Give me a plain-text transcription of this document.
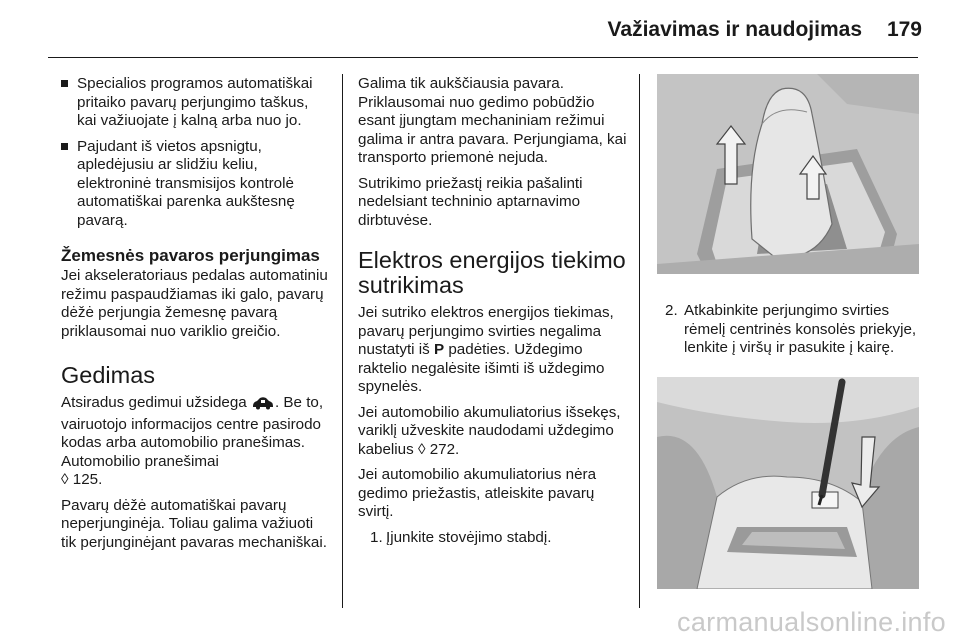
Važiavimas ir naudojimas 179
Specialios programos automatiškai pritaiko pavarų perjungimo taškus, kai važiuojate į kalną arba nuo jo.
Pajudant iš vietos apsnigtu, apledėjusiu ar slidžiu keliu, elektroninė transmisijos kontrolė automatiškai parenka aukštesnę pavarą.
Žemesnės pavaros perjungimas

Jei akseleratoriaus pedalas automatiniu režimu paspaudžiamas iki galo, pavarų dėžė perjungia žemesnę pavarą priklausomai nuo variklio greičio.

Gedimas

Atsiradus gedimui užsidega . Be to, vairuotojo informacijos centre pasirodo kodas arba automobilio pranešimas. Automobilio pranešimai
◊ 125.

Pavarų dėžė automatiškai pavarų neperjunginėja. Toliau galima važiuoti tik perjunginėjant pavaras mechaniškai.

Galima tik aukščiausia pavara. Priklausomai nuo gedimo pobūdžio esant įjungtam mechaniniam režimui galima ir antra pavara. Perjungiama, kai transporto priemonė nejuda.

Sutrikimo priežastį reikia pašalinti nedelsiant techninio aptarnavimo dirbtuvėse.

Elektros energijos tiekimo sutrikimas

Jei sutriko elektros energijos tiekimas, pavarų perjungimo svirties negalima nustatyti iš P padėties. Uždegimo raktelio negalėsite išimti iš uždegimo spynelės.

Jei automobilio akumuliatorius išsekęs, variklį užveskite naudodami uždegimo kabelius ◊ 272.

Jei automobilio akumuliatorius nėra gedimo priežastis, atleiskite pavarų svirtį.

1. Įjunkite stovėjimo stabdį.
2. Atkabinkite perjungimo svirties rėmelį centrinės konsolės priekyje, lenkite į viršų ir pasukite į kairę.
carmanualsonline.info
